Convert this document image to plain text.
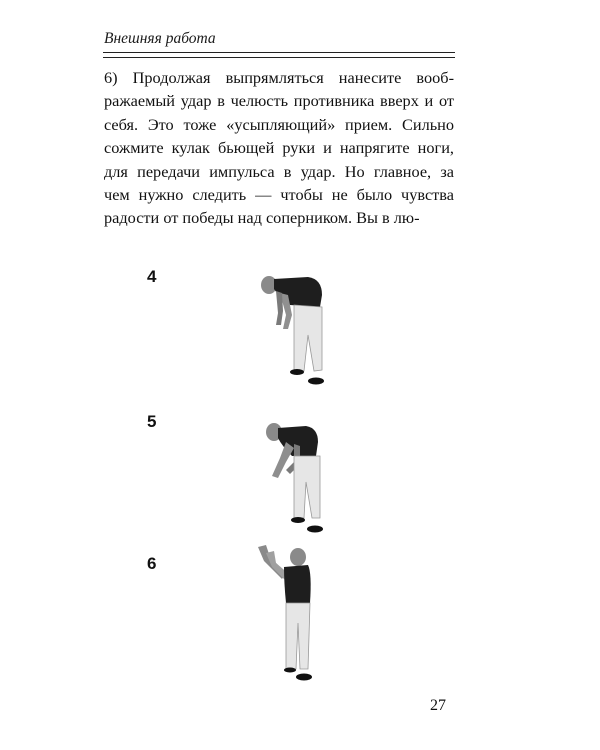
Внешняя работа
6) Продолжая выпрямляться нанесите вооб-
ражаемый удар в челюсть противника вверх и от
себя. Это тоже «усыпляющий» прием. Сильно
сожмите кулак бьющей руки и напрягите ноги,
для передачи импульса в удар. Но главное, за
чем нужно следить — чтобы не было чувства
радости от победы над соперником. Вы в лю-
4
5
6
27
